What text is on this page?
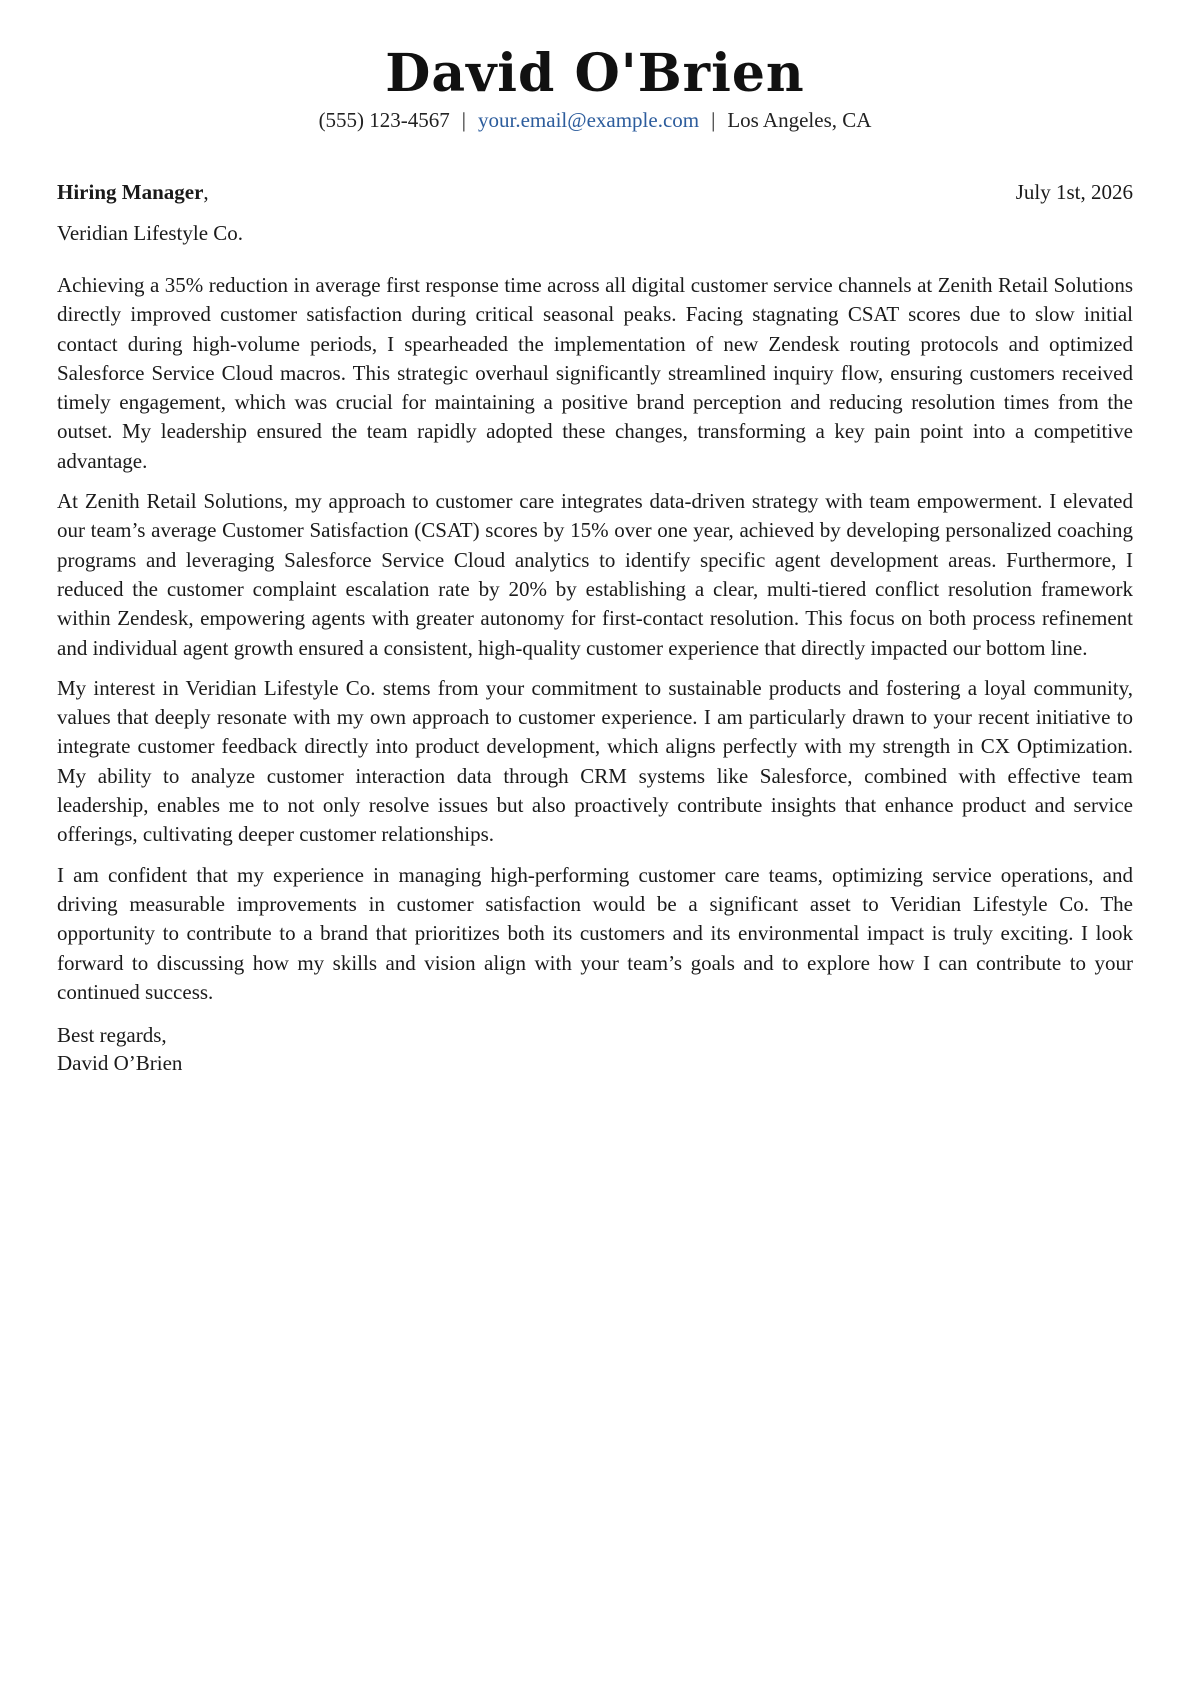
David O'Brien
(555) 123-4567 | your.email@example.com | Los Angeles, CA
Hiring Manager,	July 1st, 2026
Veridian Lifestyle Co.

Achieving a 35% reduction in average first response time across all digital customer service channels at Zenith Retail Solutions directly improved customer satisfaction during critical seasonal peaks. Facing stagnating CSAT scores due to slow initial contact during high-volume periods, I spearheaded the implementation of new Zendesk routing protocols and optimized Salesforce Service Cloud macros. This strategic overhaul significantly streamlined inquiry flow, ensuring customers received timely engagement, which was crucial for maintaining a positive brand perception and reducing resolution times from the outset. My leadership ensured the team rapidly adopted these changes, transforming a key pain point into a competitive advantage.

At Zenith Retail Solutions, my approach to customer care integrates data-driven strategy with team empowerment. I elevated our team’s average Customer Satisfaction (CSAT) scores by 15% over one year, achieved by developing personalized coaching programs and leveraging Salesforce Service Cloud analytics to identify specific agent development areas. Furthermore, I reduced the customer complaint escalation rate by 20% by establishing a clear, multi-tiered conflict resolution framework within Zendesk, empowering agents with greater autonomy for first-contact resolution. This focus on both process refinement and individual agent growth ensured a consistent, high-quality customer experience that directly impacted our bottom line.

My interest in Veridian Lifestyle Co. stems from your commitment to sustainable products and fostering a loyal community, values that deeply resonate with my own approach to customer experience. I am particularly drawn to your recent initiative to integrate customer feedback directly into product development, which aligns perfectly with my strength in CX Optimization. My ability to analyze customer interaction data through CRM systems like Salesforce, combined with effective team leadership, enables me to not only resolve issues but also proactively contribute insights that enhance product and service offerings, cultivating deeper customer relationships.

I am confident that my experience in managing high-performing customer care teams, optimizing service operations, and driving measurable improvements in customer satisfaction would be a significant asset to Veridian Lifestyle Co. The opportunity to contribute to a brand that prioritizes both its customers and its environmental impact is truly exciting. I look forward to discussing how my skills and vision align with your team’s goals and to explore how I can contribute to your continued success.

Best regards,
David O’Brien
